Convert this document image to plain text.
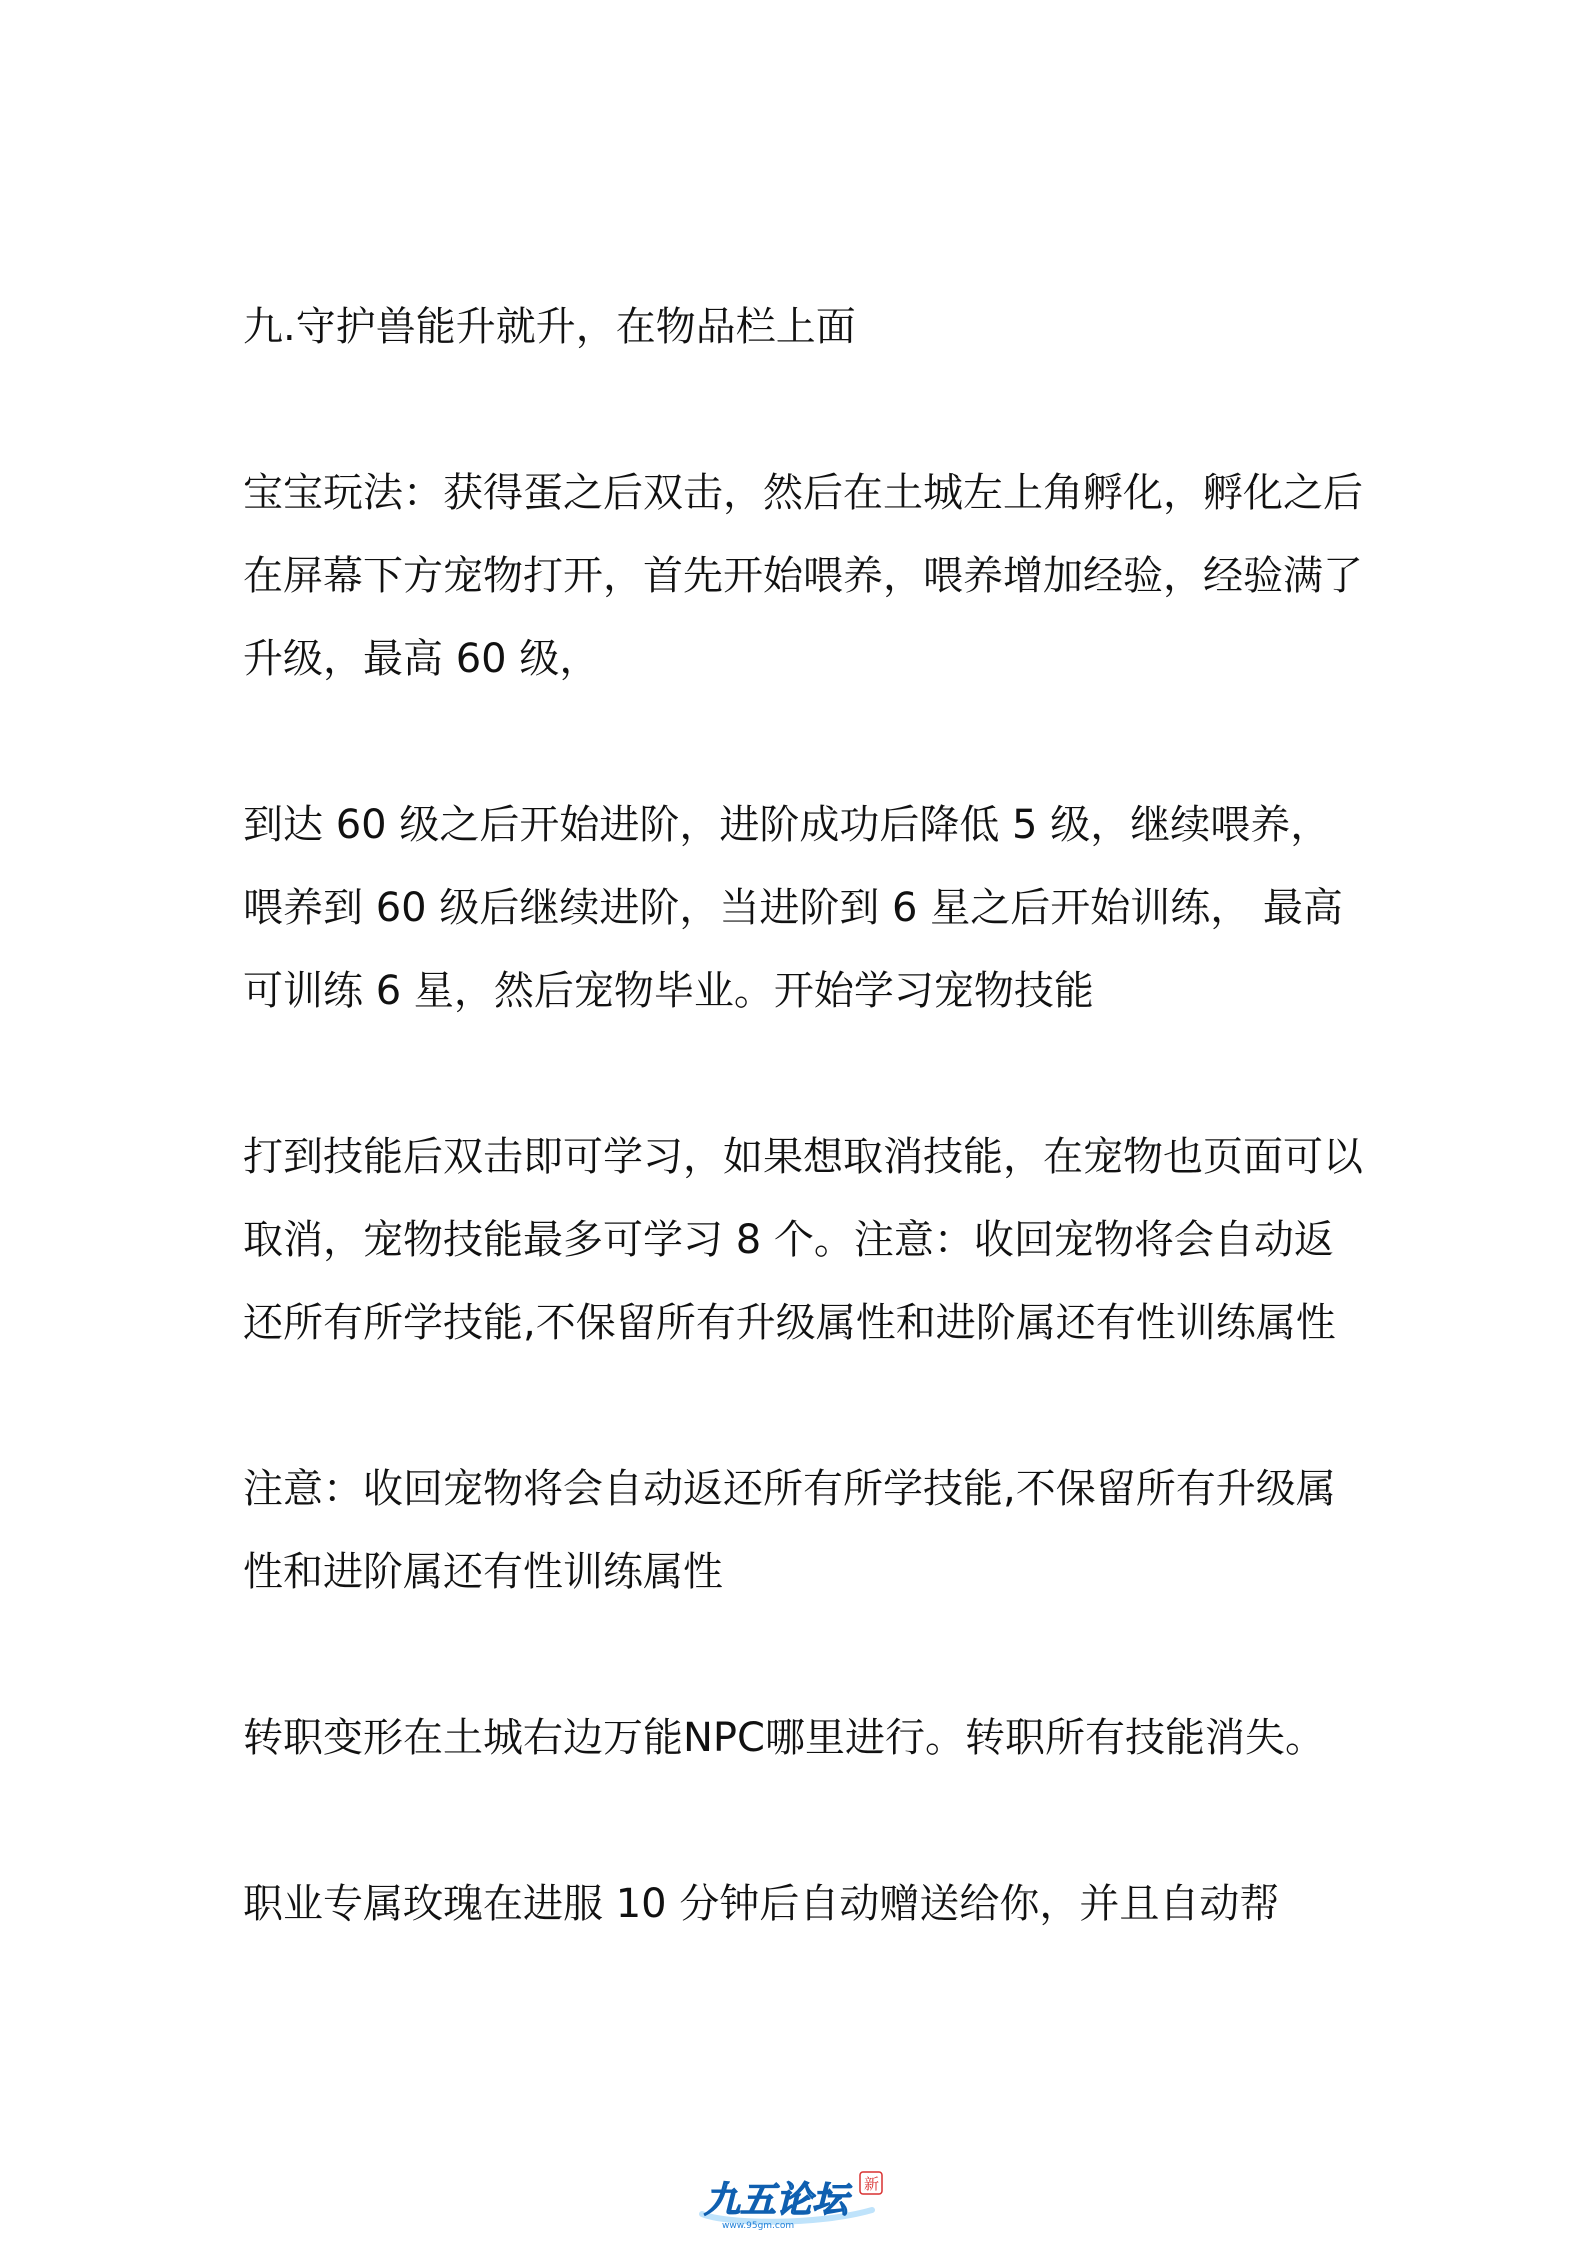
九.守护兽能升就升，在物品栏上面

宝宝玩法：获得蛋之后双击，然后在土城左上角孵化，孵化之后在屏幕下方宠物打开，首先开始喂养，喂养增加经验，经验满了升级，最高 60 级，

到达 60 级之后开始进阶，进阶成功后降低 5 级，继续喂养，喂养到 60 级后继续进阶，当进阶到 6 星之后开始训练， 最高可训练 6 星，然后宠物毕业。开始学习宠物技能

打到技能后双击即可学习，如果想取消技能，在宠物也页面可以取消，宠物技能最多可学习 8 个。注意：收回宠物将会自动返还所有所学技能,不保留所有升级属性和进阶属还有性训练属性

注意：收回宠物将会自动返还所有所学技能,不保留所有升级属性和进阶属还有性训练属性

转职变形在土城右边万能NPC哪里进行。转职所有技能消失。

职业专属玫瑰在进服 10 分钟后自动赠送给你，并且自动帮

九五论坛
www.95gm.com
新
